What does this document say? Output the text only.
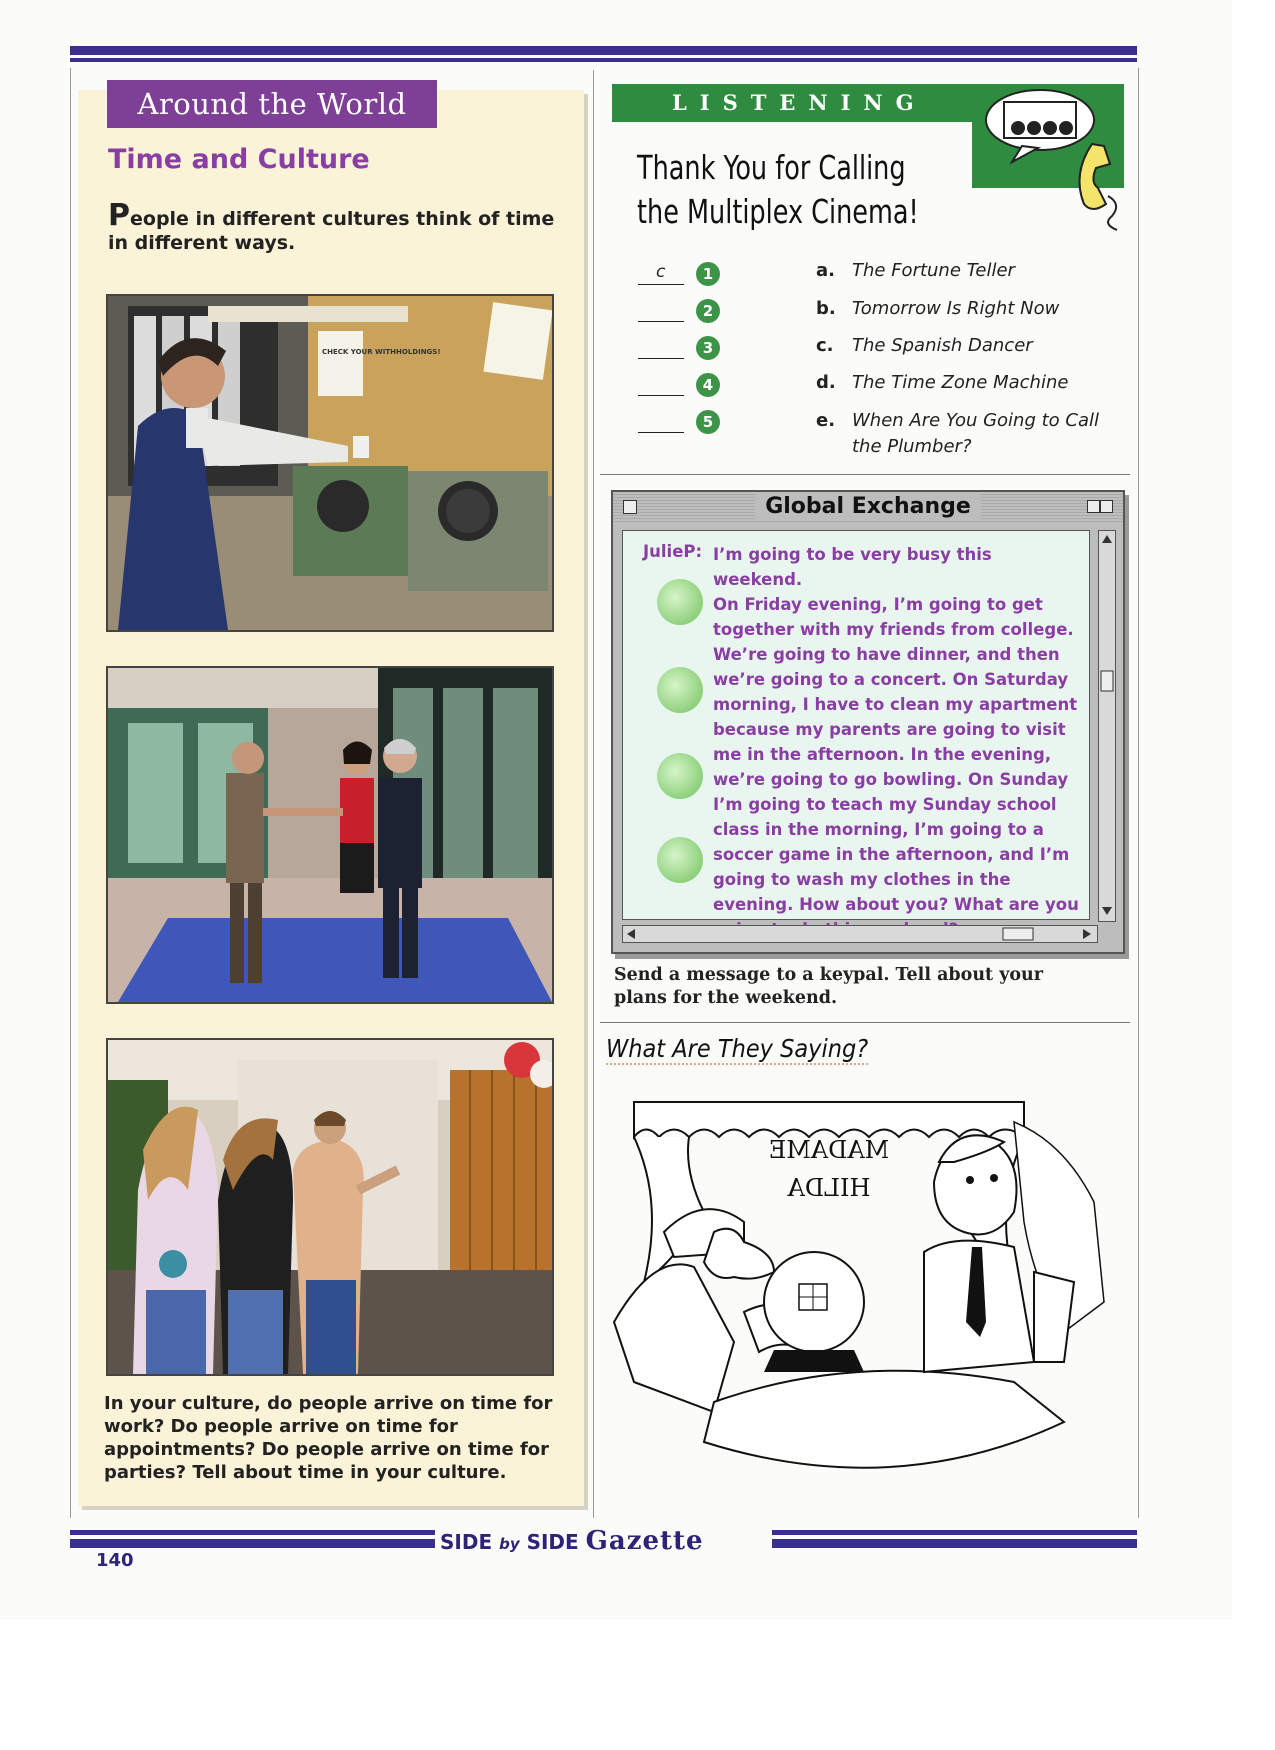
Around the World
Time and Culture
People in different cultures think of time in different ways.
CHECK YOUR WITHHOLDINGS!
In your culture, do people arrive on time for work? Do people arrive on time for appointments? Do people arrive on time for parties? Tell about time in your culture.
LISTENING
Thank You for Calling the Multiplex Cinema!
c	1
2
3
4
5
a. The Fortune Teller
b. Tomorrow Is Right Now
c. The Spanish Dancer
d. The Time Zone Machine
e. When Are You Going to Call the Plumber?
Global Exchange
JulieP: I’m going to be very busy this weekend.
On Friday evening, I’m going to get
together with my friends from college.
We’re going to have dinner, and then
we’re going to a concert. On Saturday
morning, I have to clean my apartment
because my parents are going to visit
me in the afternoon. In the evening,
we’re going to go bowling. On Sunday
I’m going to teach my Sunday school
class in the morning, I’m going to a
soccer game in the afternoon, and I’m
going to wash my clothes in the
evening. How about you? What are you

Send a message to a keypal. Tell about your plans for the weekend.
What Are They Saying?
MADAME
HILDA
SIDE by SIDE Gazette
140
